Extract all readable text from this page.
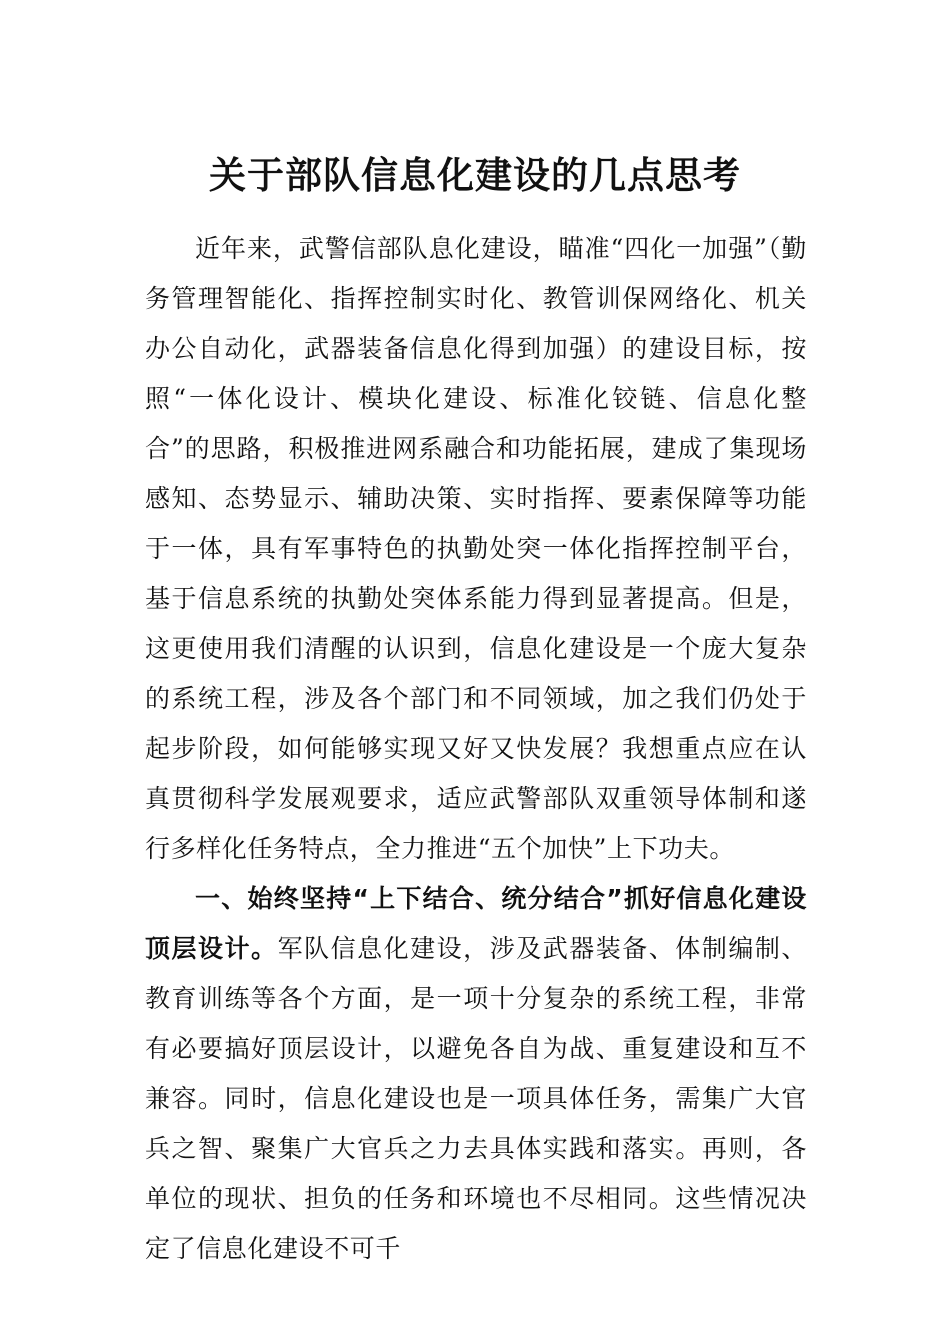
关于部队信息化建设的几点思考

近年来，武警信部队息化建设，瞄准“四化一加强”（勤务管理智能化、指挥控制实时化、教管训保网络化、机关办公自动化，武器装备信息化得到加强）的建设目标，按照“一体化设计、模块化建设、标准化铰链、信息化整合”的思路，积极推进网系融合和功能拓展，建成了集现场感知、态势显示、辅助决策、实时指挥、要素保障等功能于一体，具有军事特色的执勤处突一体化指挥控制平台，基于信息系统的执勤处突体系能力得到显著提高。但是，这更使用我们清醒的认识到，信息化建设是一个庞大复杂的系统工程，涉及各个部门和不同领域，加之我们仍处于起步阶段，如何能够实现又好又快发展？我想重点应在认真贯彻科学发展观要求，适应武警部队双重领导体制和遂行多样化任务特点，全力推进“五个加快”上下功夫。

一、始终坚持“上下结合、统分结合”抓好信息化建设顶层设计。军队信息化建设，涉及武器装备、体制编制、教育训练等各个方面，是一项十分复杂的系统工程，非常有必要搞好顶层设计，以避免各自为战、重复建设和互不兼容。同时，信息化建设也是一项具体任务，需集广大官兵之智、聚集广大官兵之力去具体实践和落实。再则，各单位的现状、担负的任务和环境也不尽相同。这些情况决定了信息化建设不可千
